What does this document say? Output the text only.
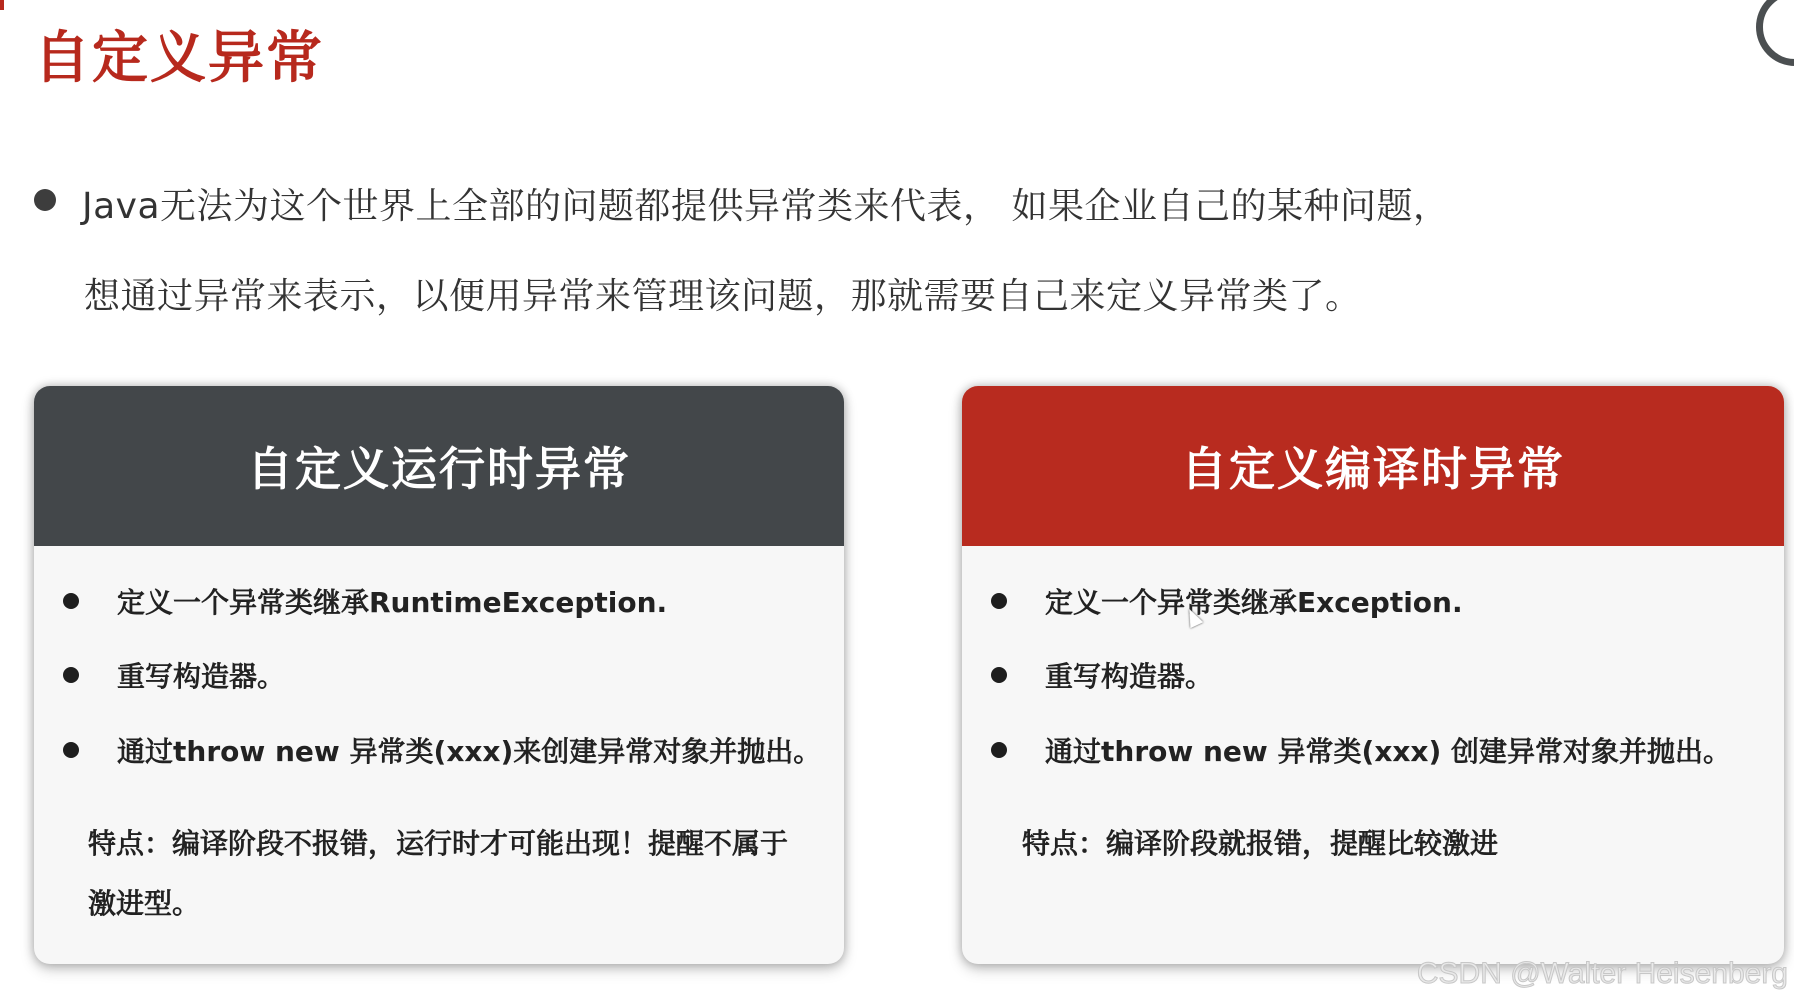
自定义异常
Java无法为这个世界上全部的问题都提供异常类来代表， 如果企业自己的某种问题，
想通过异常来表示，以便用异常来管理该问题，那就需要自己来定义异常类了。
自定义运行时异常
定义一个异常类继承RuntimeException.
重写构造器。
通过throw new 异常类(xxx)来创建异常对象并抛出。
特点：编译阶段不报错，运行时才可能出现！提醒不属于激进型。
自定义编译时异常
定义一个异常类继承Exception.
重写构造器。
通过throw new 异常类(xxx) 创建异常对象并抛出。
特点：编译阶段就报错，提醒比较激进
CSDN @Walter Heisenberg
